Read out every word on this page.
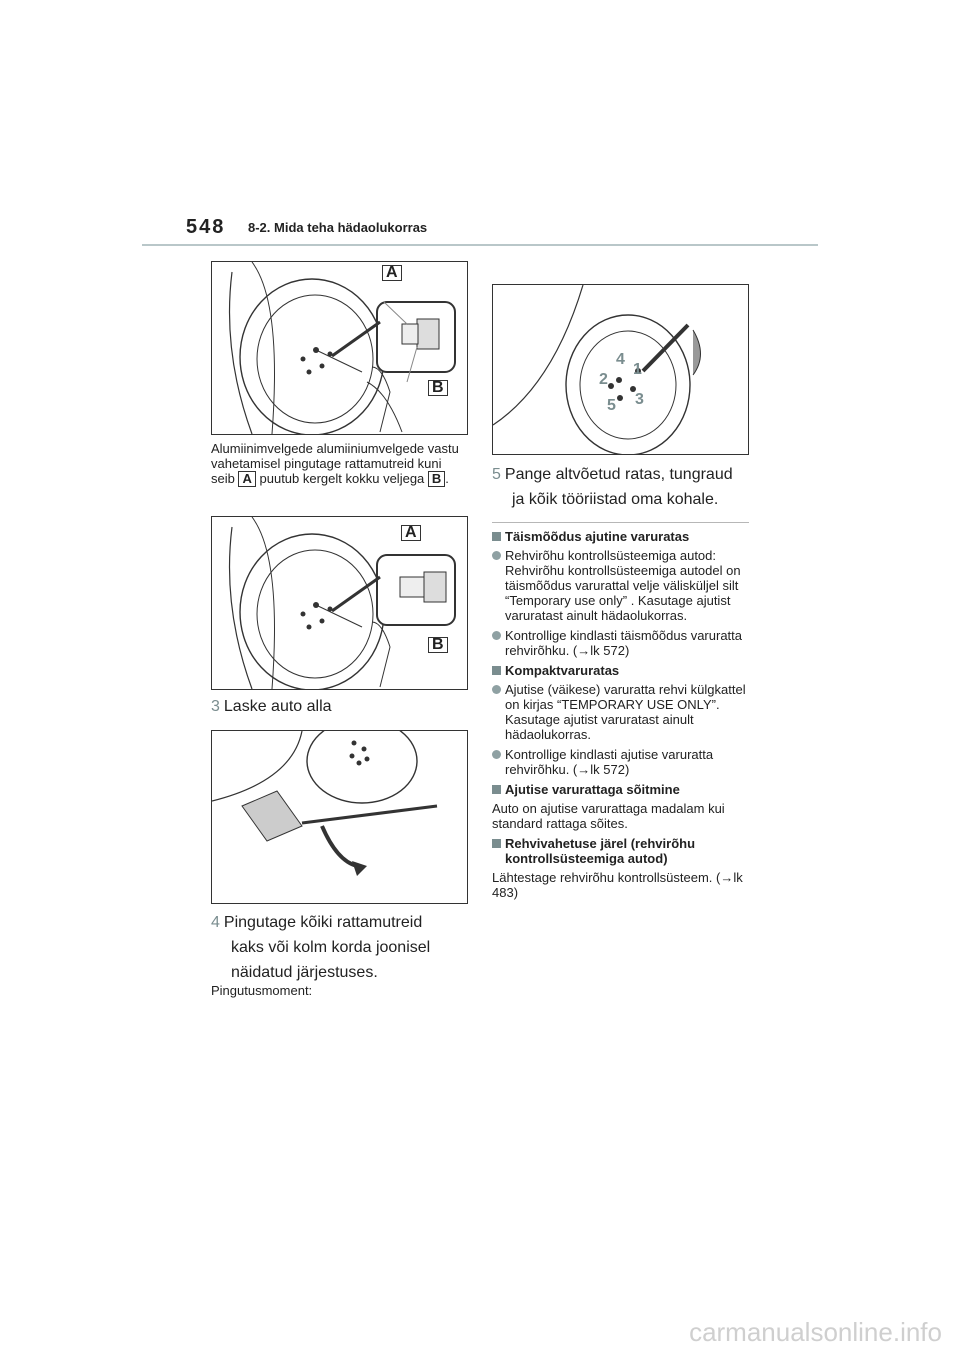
548 8-2. Mida teha hädaolukorras
A
B
Alumiinimvelgede alumiiniumvelgede vastu vahetamisel pingutage rattamutreid kuni seib A puutub kergelt kokku veljega B .
A
B
3 Laske auto alla
4 Pingutage kõiki rattamutreid
kaks või kolm korda joonisel
näidatud järjestuses.
Pingutusmoment:
4
1
2
3
5
5 Pange altvõetud ratas, tungraud
ja kõik tööriistad oma kohale.
Täismõõdus ajutine varuratas
Rehvirõhu kontrollsüsteemiga autod: Rehvirõhu kontrollsüsteemiga autodel on täismõõdus varurattal velje välisküljel silt “Temporary use only” . Kasutage ajutist varuratast ainult hädaolukorras.
Kontrollige kindlasti täismõõdus varuratta rehvirõhku. (→lk 572)
Kompaktvaruratas
Ajutise (väikese) varuratta rehvi külgkattel on kirjas “TEMPORARY USE ONLY”. Kasutage ajutist varuratast ainult hädaolukorras.
Kontrollige kindlasti ajutise varuratta rehvirõhku. (→lk 572)
Ajutise varurattaga sõitmine
Auto on ajutise varurattaga madalam kui standard rattaga sõites.
Rehvivahetuse järel (rehvirõhu kontrollsüsteemiga autod)
Lähtestage rehvirõhu kontrollsüsteem. (→lk 483)
carmanualsonline.info
